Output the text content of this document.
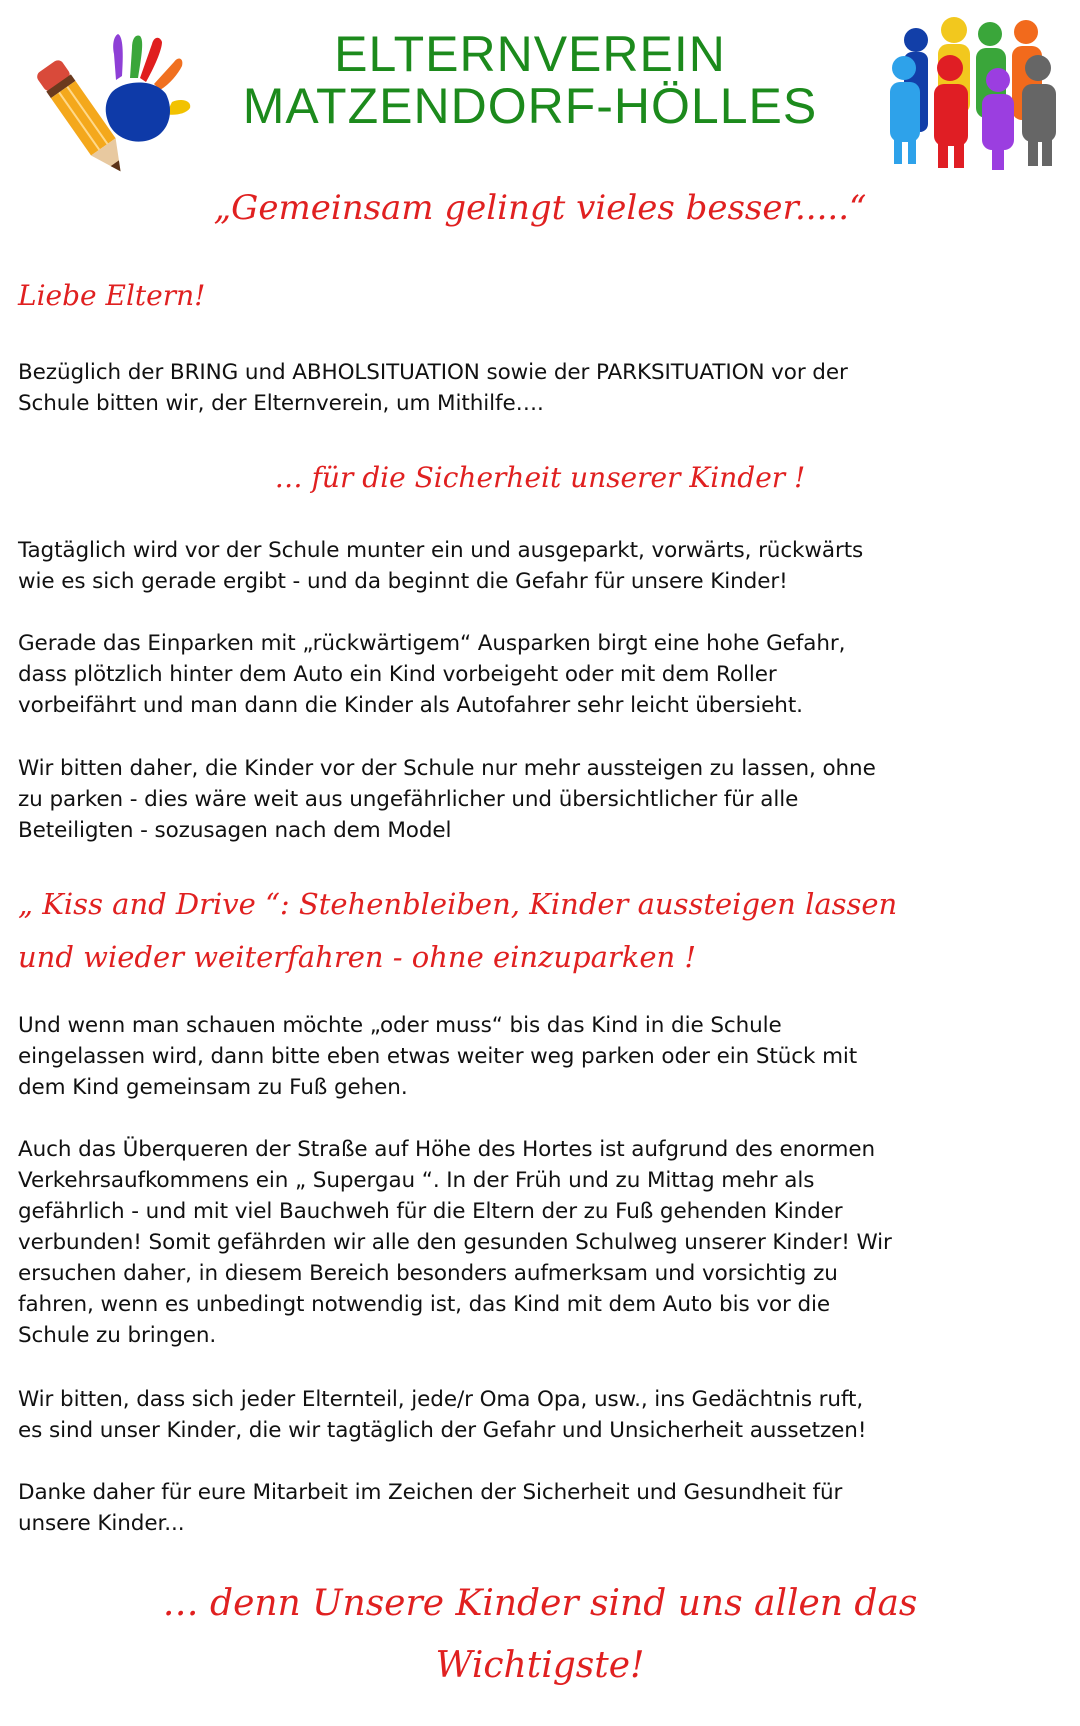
ELTERNVEREIN
MATZENDORF-HÖLLES
„Gemeinsam gelingt vieles besser.....“
Liebe Eltern!
Bezüglich der BRING und ABHOLSITUATION sowie der PARKSITUATION vor der
Schule bitten wir, der Elternverein, um Mithilfe….
… für die Sicherheit unserer Kinder !
Tagtäglich wird vor der Schule munter ein und ausgeparkt, vorwärts, rückwärts
wie es sich gerade ergibt - und da beginnt die Gefahr für unsere Kinder!
Gerade das Einparken mit „rückwärtigem“ Ausparken birgt eine hohe Gefahr,
dass plötzlich hinter dem Auto ein Kind vorbeigeht oder mit dem Roller
vorbeifährt und man dann die Kinder als Autofahrer sehr leicht übersieht.
Wir bitten daher, die Kinder vor der Schule nur mehr aussteigen zu lassen, ohne
zu parken - dies wäre weit aus ungefährlicher und übersichtlicher für alle
Beteiligten - sozusagen nach dem Model
„ Kiss and Drive “: Stehenbleiben, Kinder aussteigen lassen
und wieder weiterfahren - ohne einzuparken !
Und wenn man schauen möchte „oder muss“ bis das Kind in die Schule
eingelassen wird, dann bitte eben etwas weiter weg parken oder ein Stück mit
dem Kind gemeinsam zu Fuß gehen.
Auch das Überqueren der Straße auf Höhe des Hortes ist aufgrund des enormen
Verkehrsaufkommens ein „ Supergau “. In der Früh und zu Mittag mehr als
gefährlich - und mit viel Bauchweh für die Eltern der zu Fuß gehenden Kinder
verbunden! Somit gefährden wir alle den gesunden Schulweg unserer Kinder! Wir
ersuchen daher, in diesem Bereich besonders aufmerksam und vorsichtig zu
fahren, wenn es unbedingt notwendig ist, das Kind mit dem Auto bis vor die
Schule zu bringen.
Wir bitten, dass sich jeder Elternteil, jede/r Oma Opa, usw., ins Gedächtnis ruft,
es sind unser Kinder, die wir tagtäglich der Gefahr und Unsicherheit aussetzen!
Danke daher für eure Mitarbeit im Zeichen der Sicherheit und Gesundheit für
unsere Kinder...
… denn Unsere Kinder sind uns allen das
Wichtigste!
